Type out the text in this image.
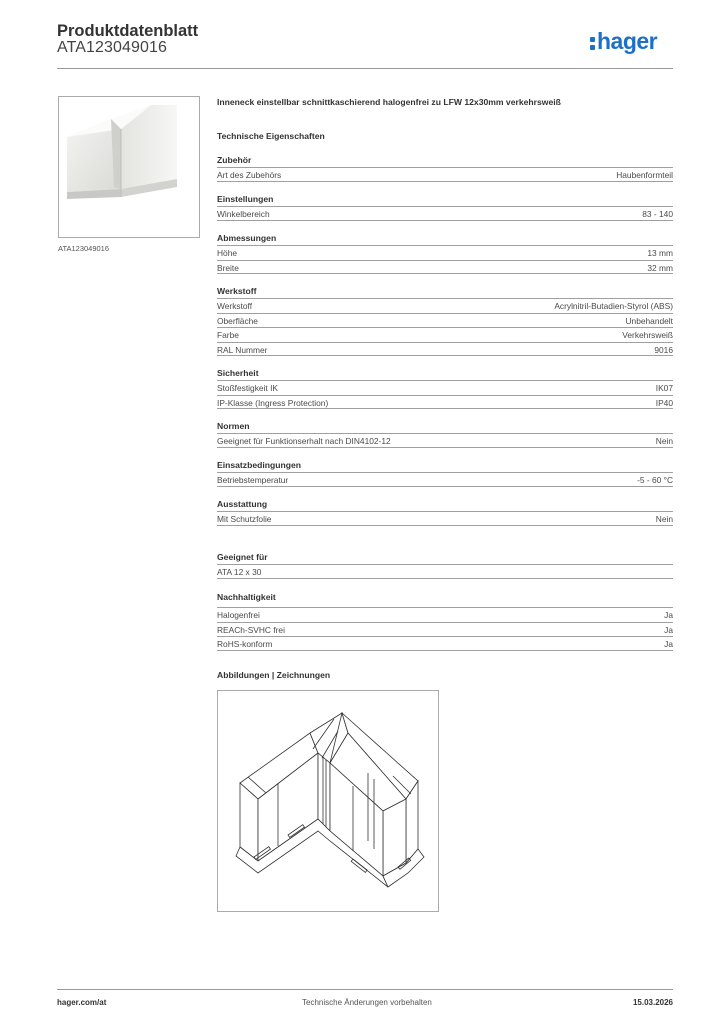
Produktdatenblatt
ATA123049016	hager
ATA123049016
Inneneck einstellbar schnittkaschierend halogenfrei zu LFW 12x30mm verkehrsweiß
Technische Eigenschaften
Zubehör
Art des Zubehörs	Haubenformteil
Einstellungen
Winkelbereich	83 - 140
Abmessungen
Höhe	13 mm
Breite	32 mm
Werkstoff
Werkstoff	Acrylnitril-Butadien-Styrol (ABS)
Oberfläche	Unbehandelt
Farbe	Verkehrsweiß
RAL Nummer	9016
Sicherheit
Stoßfestigkeit IK	IK07
IP-Klasse (Ingress Protection)	IP40
Normen
Geeignet für Funktionserhalt nach DIN4102-12	Nein
Einsatzbedingungen
Betriebstemperatur	-5 - 60 °C
Ausstattung
Mit Schutzfolie	Nein
Geeignet für
ATA 12 x 30
Nachhaltigkeit
Halogenfrei	Ja
REACh-SVHC frei	Ja
RoHS-konform	Ja
Abbildungen | Zeichnungen
hager.com/at	Technische Änderungen vorbehalten	15.03.2026
